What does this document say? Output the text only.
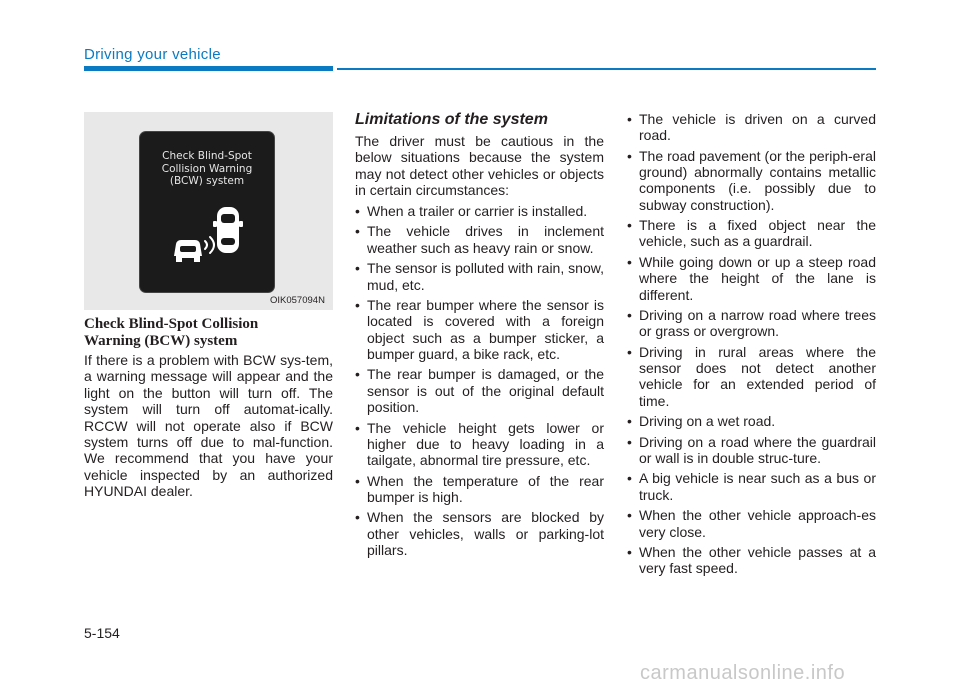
Driving your vehicle
Check Blind-Spot
Collision Warning
(BCW) system
OIK057094N
Check Blind-Spot Collision Warning (BCW) system
If there is a problem with BCW sys-tem, a warning message will appear and the light on the button will turn off. The system will turn off automat-ically. RCCW will not operate also if BCW system turns off due to mal-function. We recommend that you have your vehicle inspected by an authorized HYUNDAI dealer.
Limitations of the system
The driver must be cautious in the below situations because the system may not detect other vehicles or objects in certain circumstances:
• When a trailer or carrier is installed.
• The vehicle drives in inclement weather such as heavy rain or snow.
• The sensor is polluted with rain, snow, mud, etc.
• The rear bumper where the sensor is located is covered with a foreign object such as a bumper sticker, a bumper guard, a bike rack, etc.
• The rear bumper is damaged, or the sensor is out of the original default position.
• The vehicle height gets lower or higher due to heavy loading in a tailgate, abnormal tire pressure, etc.
• When the temperature of the rear bumper is high.
• When the sensors are blocked by other vehicles, walls or parking-lot pillars.
• The vehicle is driven on a curved road.
• The road pavement (or the periph-eral ground) abnormally contains metallic components (i.e. possibly due to subway construction).
• There is a fixed object near the vehicle, such as a guardrail.
• While going down or up a steep road where the height of the lane is different.
• Driving on a narrow road where trees or grass or overgrown.
• Driving in rural areas where the sensor does not detect another vehicle for an extended period of time.
• Driving on a wet road.
• Driving on a road where the guardrail or wall is in double struc-ture.
• A big vehicle is near such as a bus or truck.
• When the other vehicle approach-es very close.
• When the other vehicle passes at a very fast speed.
5-154
carmanualsonline.info
